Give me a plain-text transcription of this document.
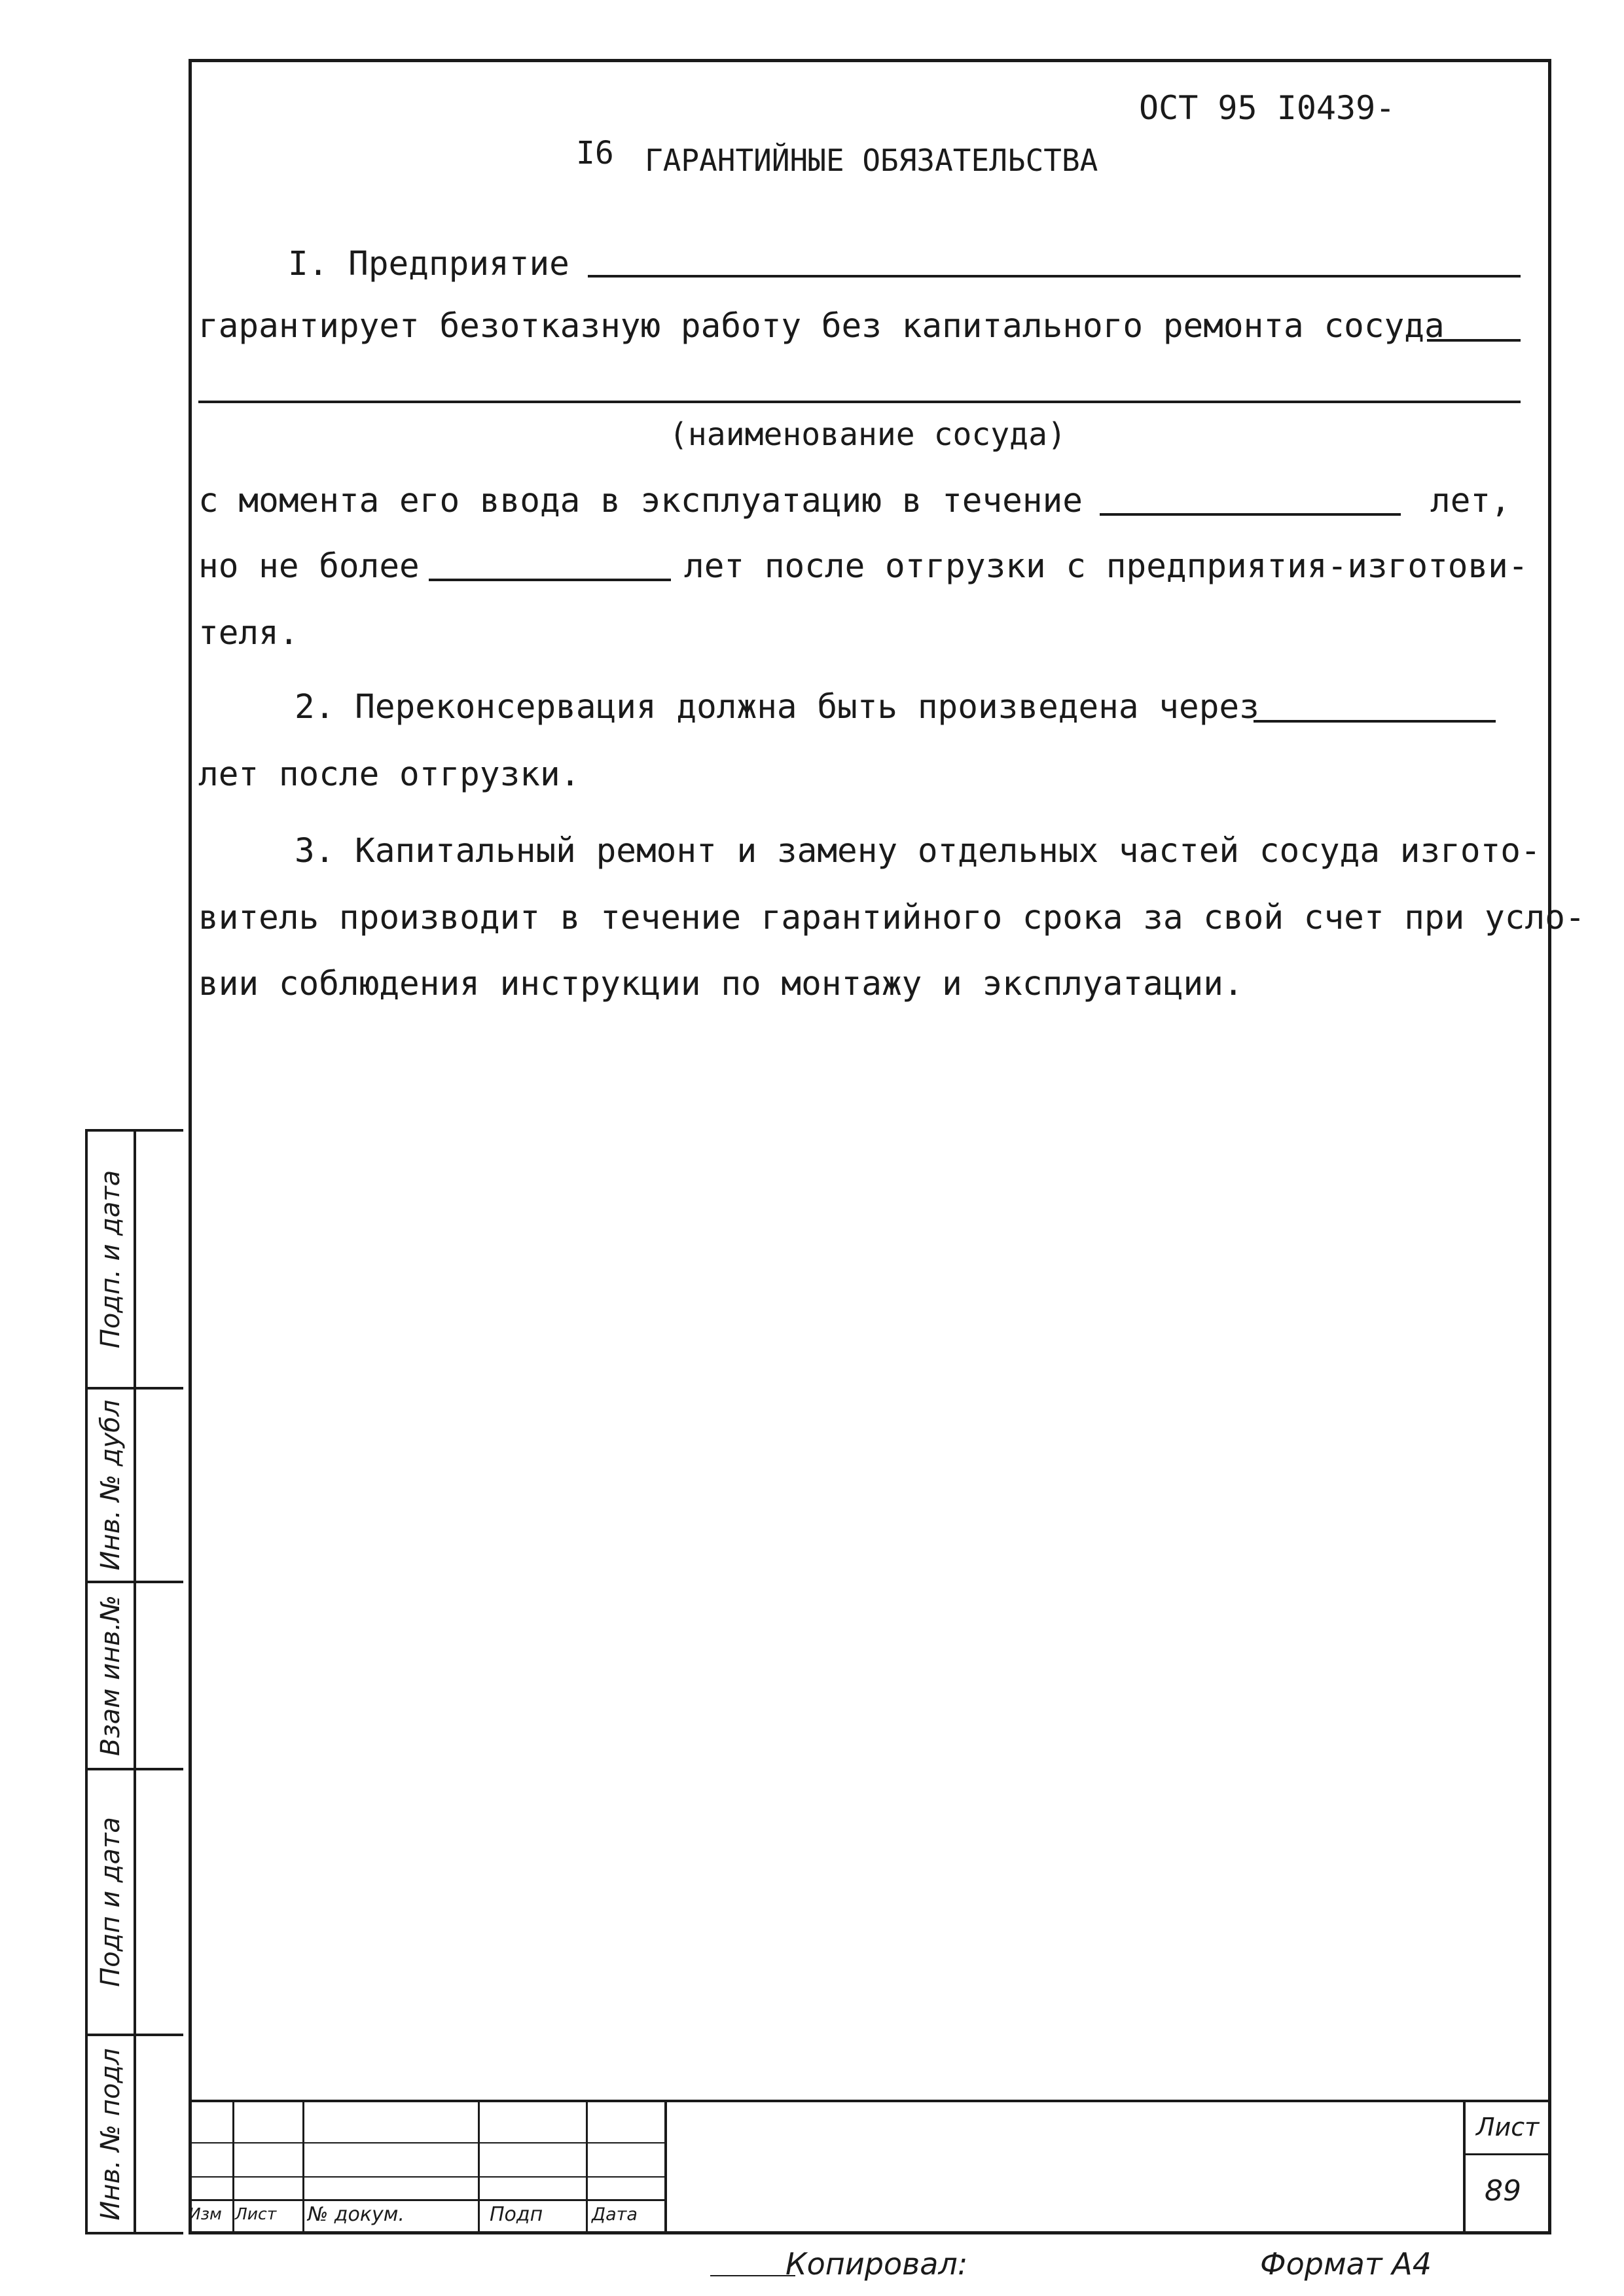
ОСТ 95 I0439-
I6 ГАРАНТИЙНЫЕ ОБЯЗАТЕЛЬСТВА
I. Предприятие
гарантирует безотказную работу без капитального ремонта сосуда
(наименование сосуда)
с момента его ввода в эксплуатацию в течение	лет,
но не более	лет после отгрузки с предприятия-изготови-
теля.
2. Переконсервация должна быть произведена через
лет после отгрузки.
3. Капитальный ремонт и замену отдельных частей сосуда изгото-
витель производит в течение гарантийного срока за свой счет при усло-
вии соблюдения инструкции по монтажу и эксплуатации.
Подп. и дата
Инв. № дубл
Взам инв.№
Подп и дата
Инв. № подл	Изм Лист № докум.	Подп	Дата
Лист
89
Копировал:	Формат А4
